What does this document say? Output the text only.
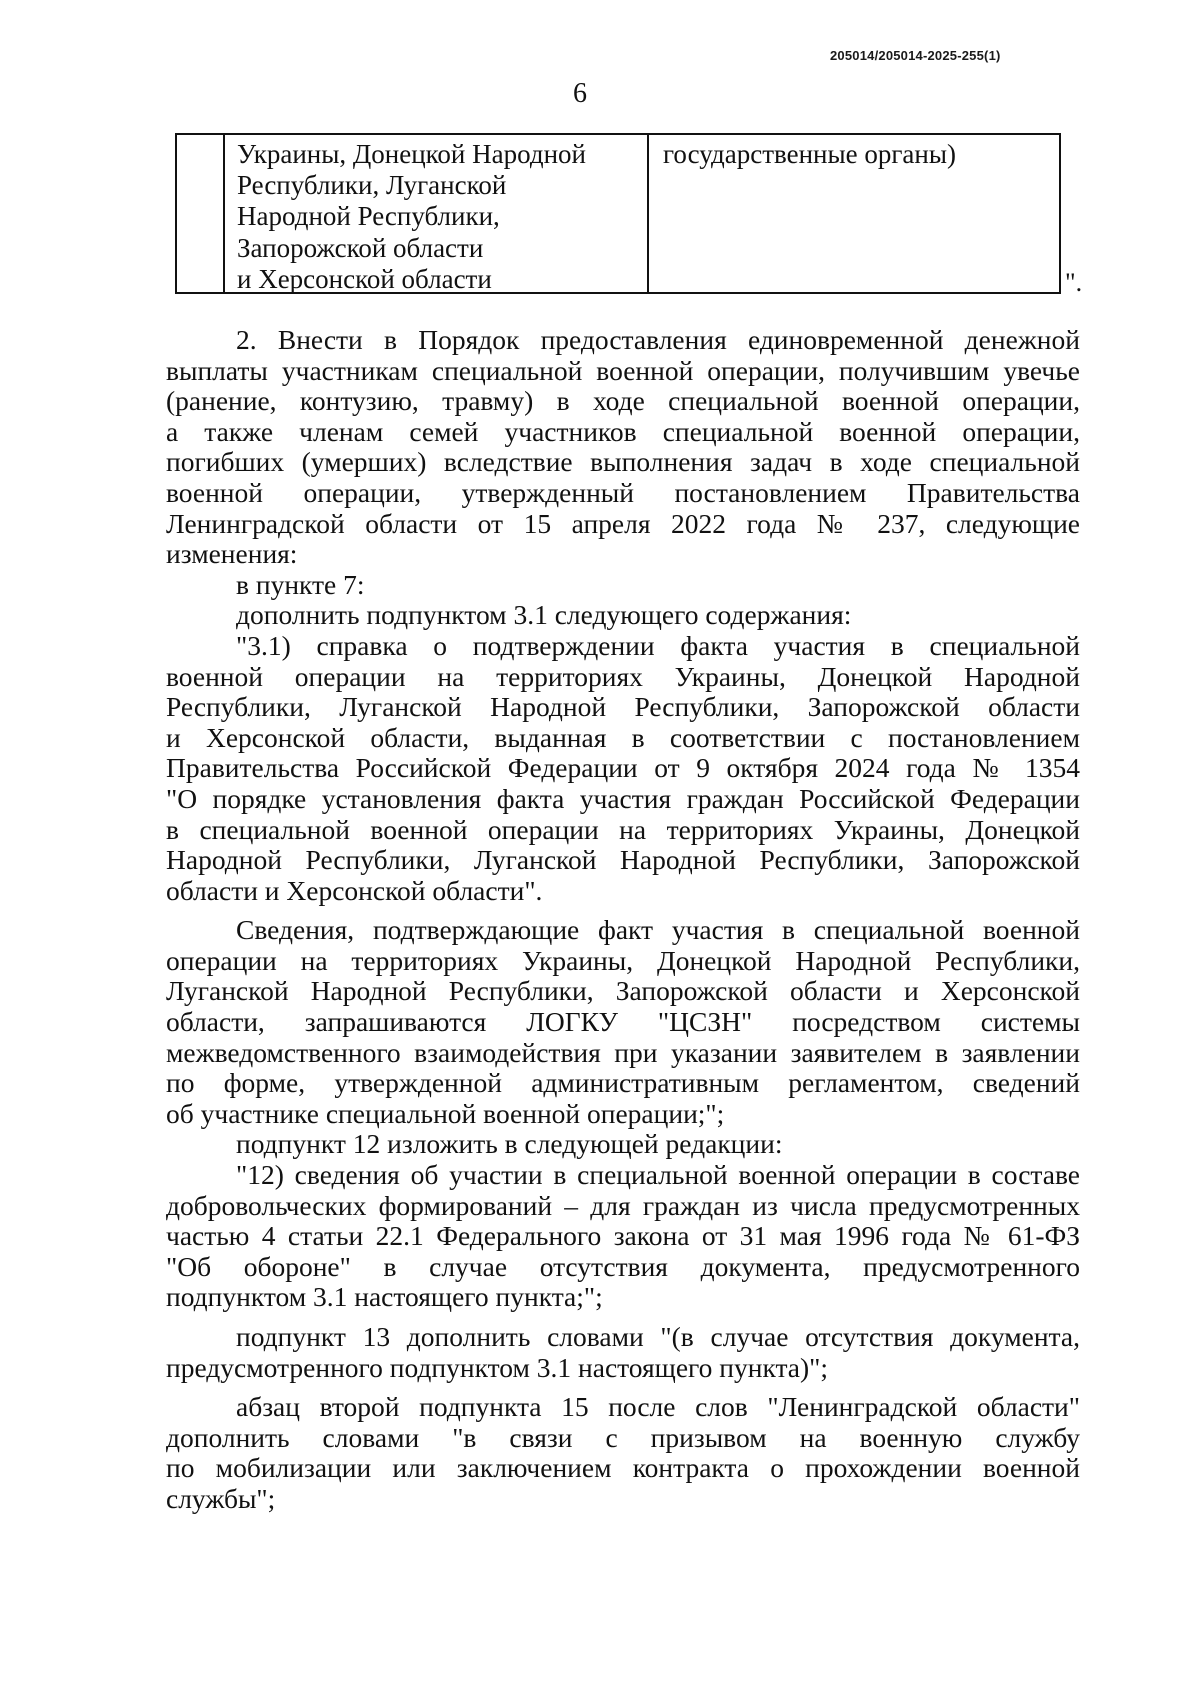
205014/205014-2025-255(1)
6
Украины, Донецкой Народной
Республики, Луганской
Народной Республики,
Запорожской области
и Херсонской области
государственные органы)
".
2. Внести в Порядок предоставления единовременной денежной
выплаты участникам специальной военной операции, получившим увечье
(ранение, контузию, травму) в ходе специальной военной операции,
а также членам семей участников специальной военной операции,
погибших (умерших) вследствие выполнения задач в ходе специальной
военной операции, утвержденный постановлением Правительства
Ленинградской области от 15 апреля 2022 года № 237, следующие
изменения:
в пункте 7:
дополнить подпунктом 3.1 следующего содержания:
"3.1) справка о подтверждении факта участия в специальной
военной операции на территориях Украины, Донецкой Народной
Республики, Луганской Народной Республики, Запорожской области
и Херсонской области, выданная в соответствии с постановлением
Правительства Российской Федерации от 9 октября 2024 года № 1354
"О порядке установления факта участия граждан Российской Федерации
в специальной военной операции на территориях Украины, Донецкой
Народной Республики, Луганской Народной Республики, Запорожской
области и Херсонской области".
Сведения, подтверждающие факт участия в специальной военной
операции на территориях Украины, Донецкой Народной Республики,
Луганской Народной Республики, Запорожской области и Херсонской
области, запрашиваются ЛОГКУ "ЦСЗН" посредством системы
межведомственного взаимодействия при указании заявителем в заявлении
по форме, утвержденной административным регламентом, сведений
об участнике специальной военной операции;";
подпункт 12 изложить в следующей редакции:
"12) сведения об участии в специальной военной операции в составе
добровольческих формирований – для граждан из числа предусмотренных
частью 4 статьи 22.1 Федерального закона от 31 мая 1996 года № 61-ФЗ
"Об обороне" в случае отсутствия документа, предусмотренного
подпунктом 3.1 настоящего пункта;";
подпункт 13 дополнить словами "(в случае отсутствия документа,
предусмотренного подпунктом 3.1 настоящего пункта)";
абзац второй подпункта 15 после слов "Ленинградской области"
дополнить словами "в связи с призывом на военную службу
по мобилизации или заключением контракта о прохождении военной
службы";
